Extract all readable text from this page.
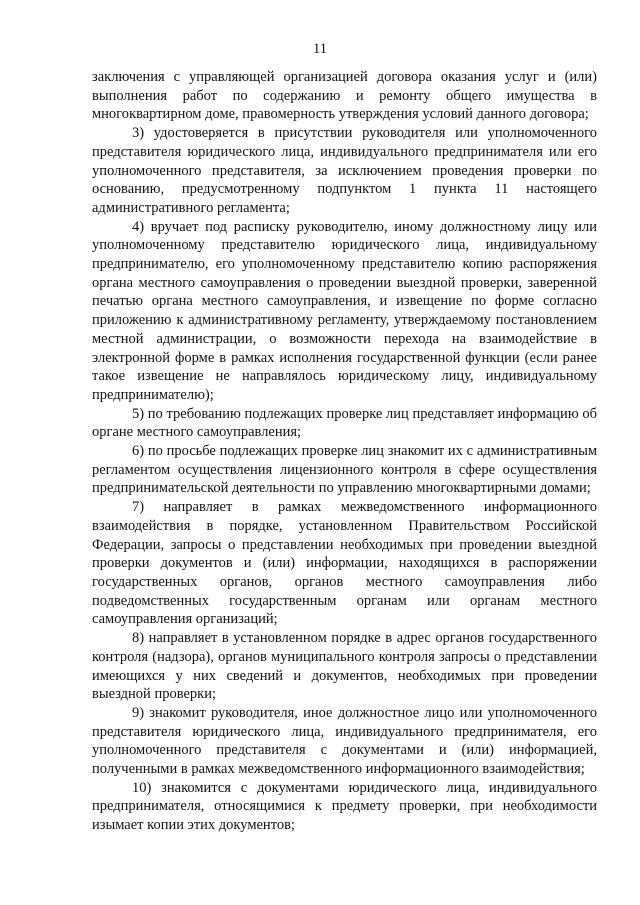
11

заключения с управляющей организацией договора оказания услуг и (или) выполнения работ по содержанию и ремонту общего имущества в многоквартирном доме, правомерность утверждения условий данного договора;

3) удостоверяется в присутствии руководителя или уполномоченного представителя юридического лица, индивидуального предпринимателя или его уполномоченного представителя, за исключением проведения проверки по основанию, предусмотренному подпунктом 1 пункта 11 настоящего административного регламента;

4) вручает под расписку руководителю, иному должностному лицу или уполномоченному представителю юридического лица, индивидуальному предпринимателю, его уполномоченному представителю копию распоряжения органа местного самоуправления о проведении выездной проверки, заверенной печатью органа местного самоуправления, и извещение по форме согласно приложению к административному регламенту, утверждаемому постановлением местной администрации, о возможности перехода на взаимодействие в электронной форме в рамках исполнения государственной функции (если ранее такое извещение не направлялось юридическому лицу, индивидуальному предпринимателю);

5) по требованию подлежащих проверке лиц представляет информацию об органе местного самоуправления;

6) по просьбе подлежащих проверке лиц знакомит их с административным регламентом осуществления лицензионного контроля в сфере осуществления предпринимательской деятельности по управлению многоквартирными домами;

7) направляет в рамках межведомственного информационного взаимодействия в порядке, установленном Правительством Российской Федерации, запросы о представлении необходимых при проведении выездной проверки документов и (или) информации, находящихся в распоряжении государственных органов, органов местного самоуправления либо подведомственных государственным органам или органам местного самоуправления организаций;

8) направляет в установленном порядке в адрес органов государственного контроля (надзора), органов муниципального контроля запросы о представлении имеющихся у них сведений и документов, необходимых при проведении выездной проверки;

9) знакомит руководителя, иное должностное лицо или уполномоченного представителя юридического лица, индивидуального предпринимателя, его уполномоченного представителя с документами и (или) информацией, полученными в рамках межведомственного информационного взаимодействия;

10) знакомится с документами юридического лица, индивидуального предпринимателя, относящимися к предмету проверки, при необходимости изымает копии этих документов;
